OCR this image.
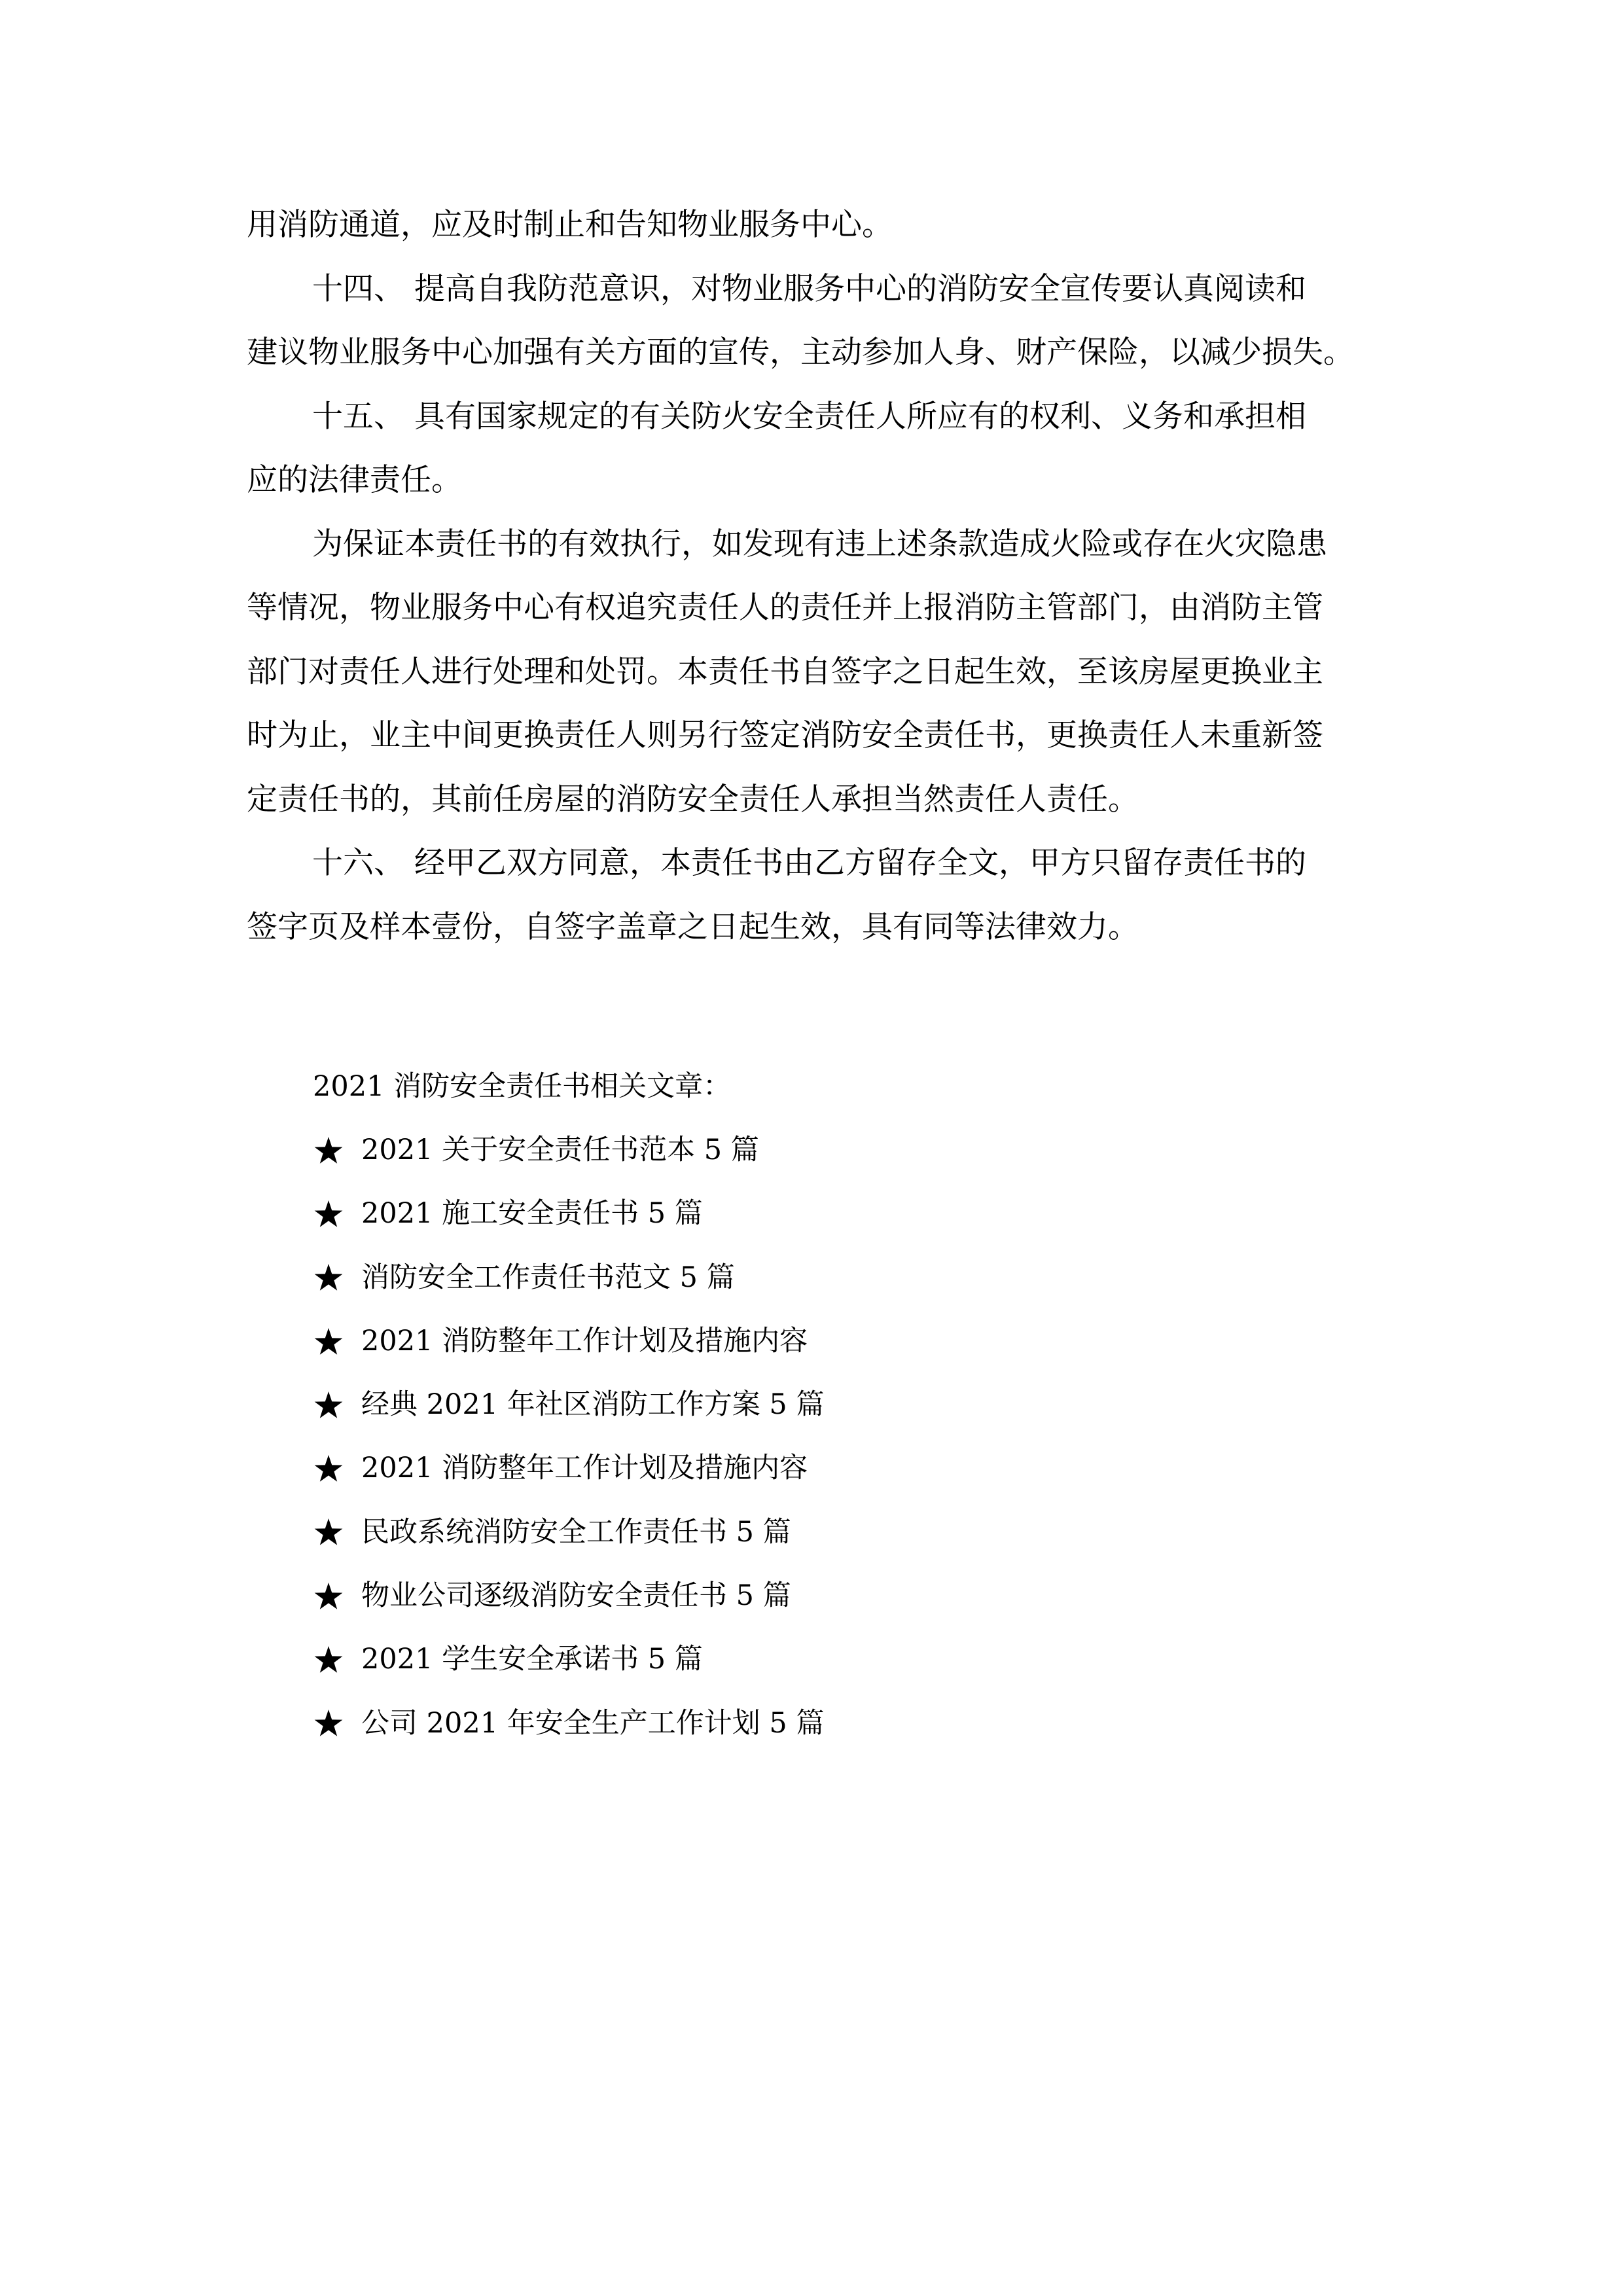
用消防通道，应及时制止和告知物业服务中心。
十四、 提高自我防范意识，对物业服务中心的消防安全宣传要认真阅读和
建议物业服务中心加强有关方面的宣传，主动参加人身、财产保险，以减少损失。
十五、 具有国家规定的有关防火安全责任人所应有的权利、义务和承担相
应的法律责任。
为保证本责任书的有效执行，如发现有违上述条款造成火险或存在火灾隐患
等情况，物业服务中心有权追究责任人的责任并上报消防主管部门，由消防主管
部门对责任人进行处理和处罚。本责任书自签字之日起生效，至该房屋更换业主
时为止，业主中间更换责任人则另行签定消防安全责任书，更换责任人未重新签
定责任书的，其前任房屋的消防安全责任人承担当然责任人责任。
十六、 经甲乙双方同意，本责任书由乙方留存全文，甲方只留存责任书的
签字页及样本壹份，自签字盖章之日起生效，具有同等法律效力。
2021 消防安全责任书相关文章：
2021 关于安全责任书范本 5 篇
2021 施工安全责任书 5 篇
消防安全工作责任书范文 5 篇
2021 消防整年工作计划及措施内容
经典 2021 年社区消防工作方案 5 篇
2021 消防整年工作计划及措施内容
民政系统消防安全工作责任书 5 篇
物业公司逐级消防安全责任书 5 篇
2021 学生安全承诺书 5 篇
公司 2021 年安全生产工作计划 5 篇
